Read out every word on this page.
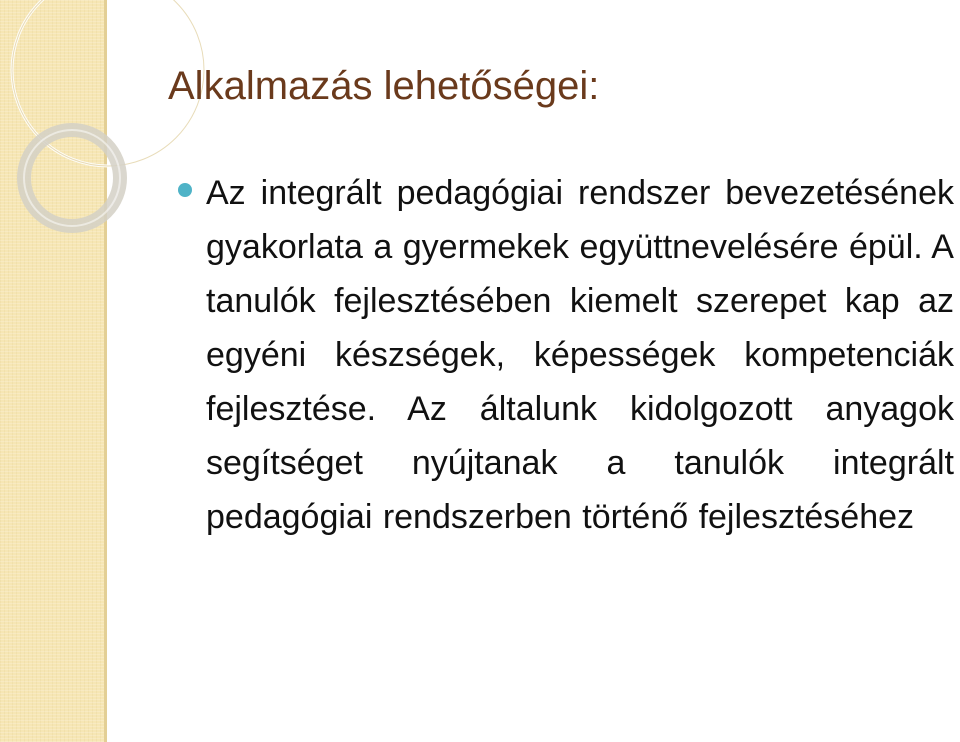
Alkalmazás lehetőségei:
Az integrált pedagógiai rendszer bevezetésének gyakorlata a gyermekek együttnevelésére épül. A tanulók fejlesztésében kiemelt szerepet kap az egyéni készségek, képességek kompetenciák fejlesztése. Az általunk kidolgozott anyagok segítséget nyújtanak a tanulók integrált pedagógiai rendszerben történő fejlesztéséhez
